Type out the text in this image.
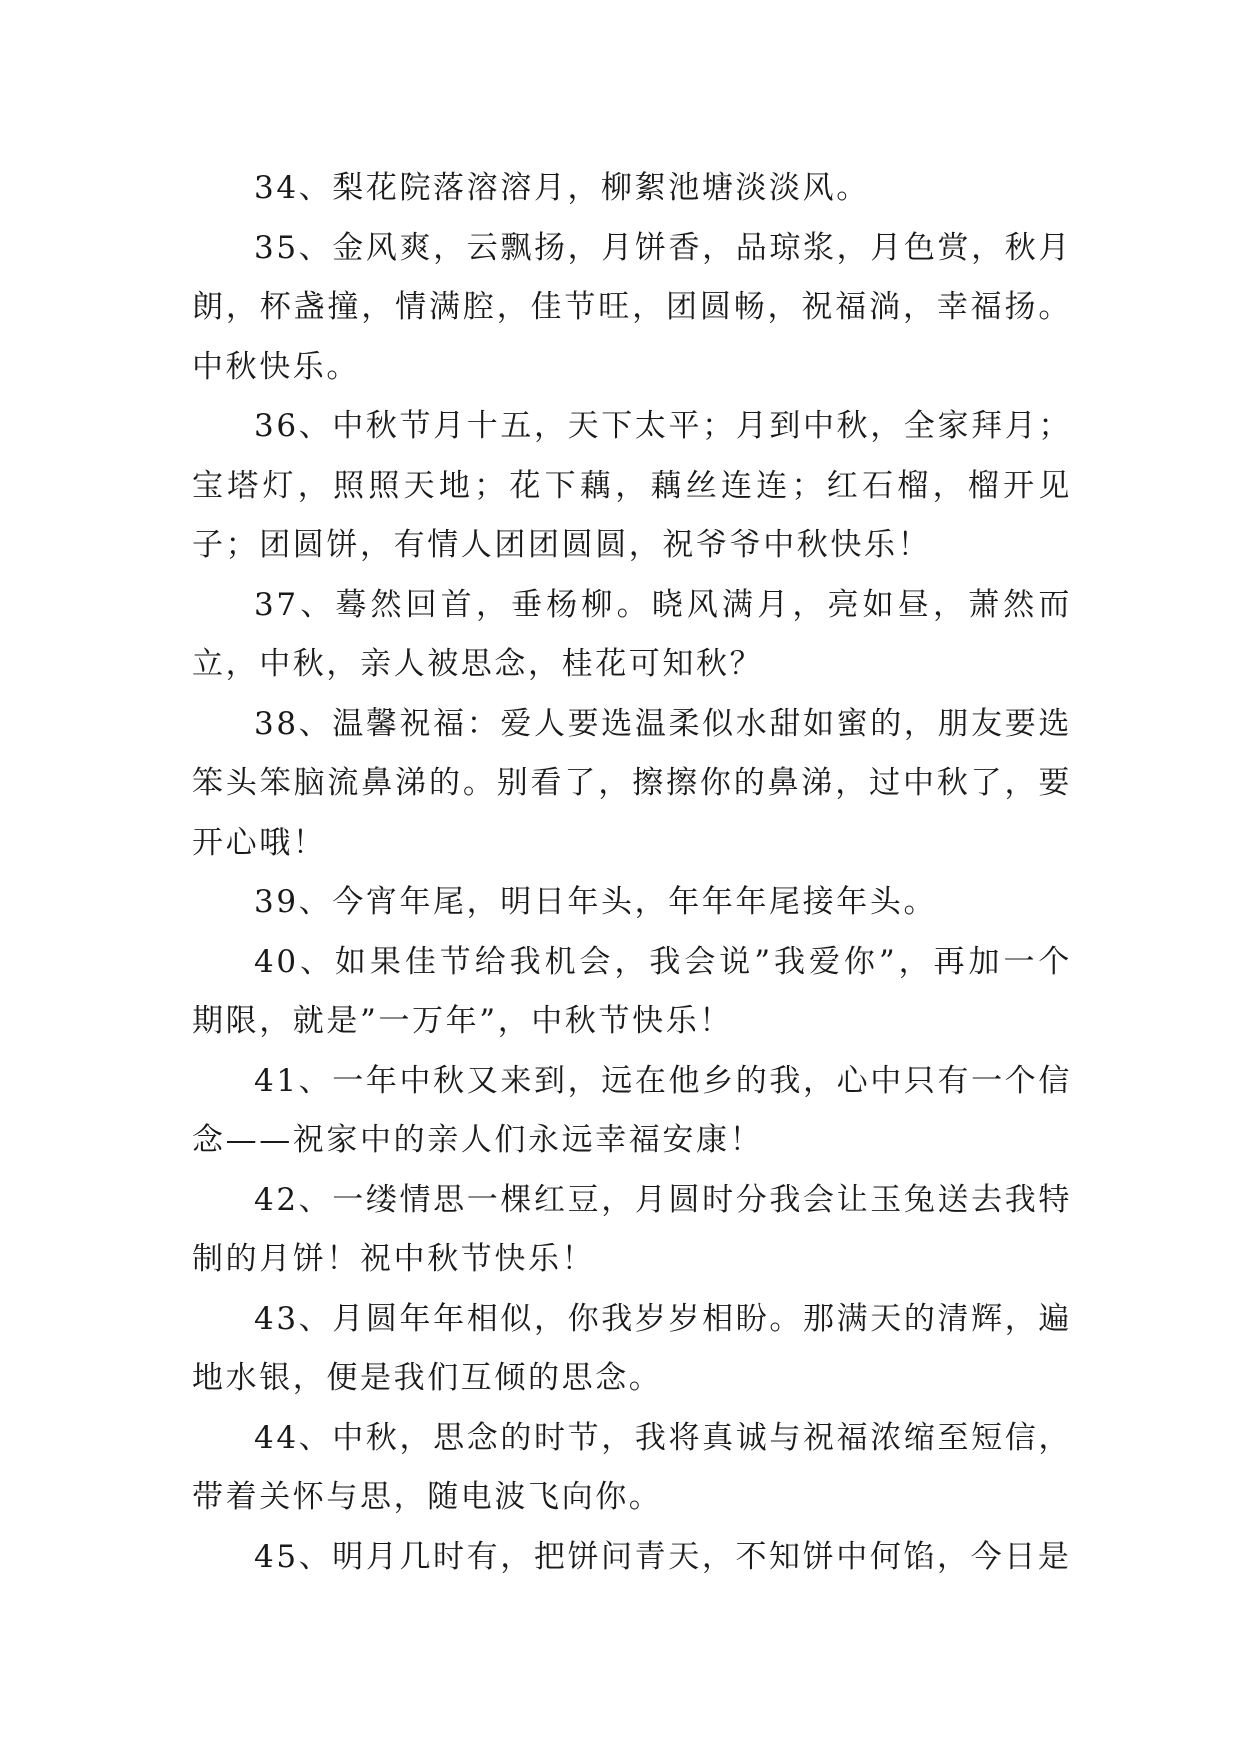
34、梨花院落溶溶月，柳絮池塘淡淡风。

35、金风爽，云飘扬，月饼香，品琼浆，月色赏，秋月朗，杯盏撞，情满腔，佳节旺，团圆畅，祝福淌，幸福扬。中秋快乐。

36、中秋节月十五，天下太平；月到中秋，全家拜月；宝塔灯，照照天地；花下藕，藕丝连连；红石榴，榴开见子；团圆饼，有情人团团圆圆，祝爷爷中秋快乐！

37、蓦然回首，垂杨柳。晓风满月，亮如昼，萧然而立，中秋，亲人被思念，桂花可知秋？

38、温馨祝福：爱人要选温柔似水甜如蜜的，朋友要选笨头笨脑流鼻涕的。别看了，擦擦你的鼻涕，过中秋了，要开心哦！

39、今宵年尾，明日年头，年年年尾接年头。

40、如果佳节给我机会，我会说”我爱你”，再加一个期限，就是”一万年”，中秋节快乐！

41、一年中秋又来到，远在他乡的我，心中只有一个信念——祝家中的亲人们永远幸福安康！

42、一缕情思一棵红豆，月圆时分我会让玉兔送去我特制的月饼！祝中秋节快乐！

43、月圆年年相似，你我岁岁相盼。那满天的清辉，遍地水银，便是我们互倾的思念。

44、中秋，思念的时节，我将真诚与祝福浓缩至短信，带着关怀与思，随电波飞向你。

45、明月几时有，把饼问青天，不知饼中何馅，今日是
